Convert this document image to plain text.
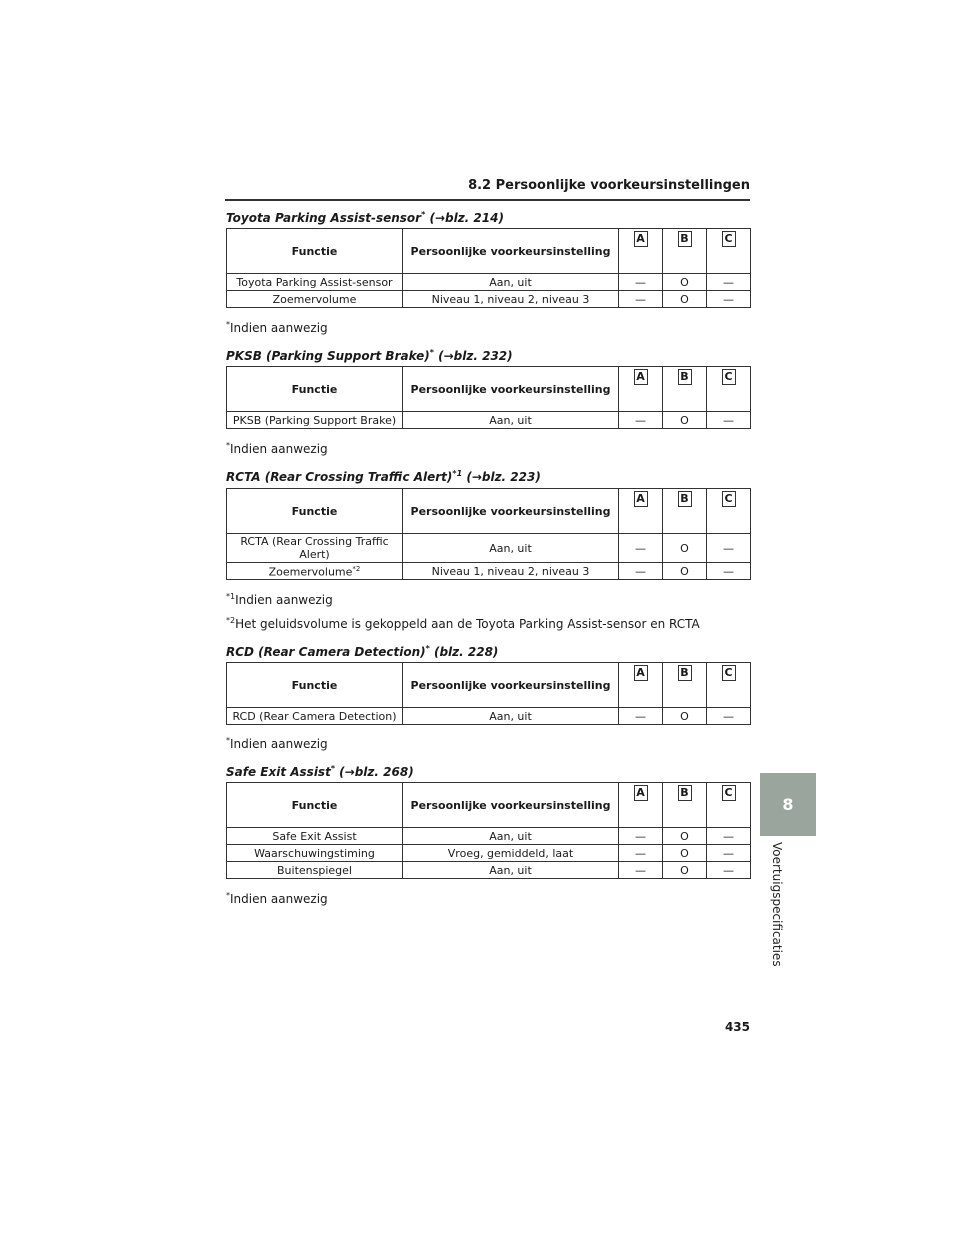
8.2 Persoonlijke voorkeursinstellingen
Toyota Parking Assist-sensor* (→blz. 214)
Functie	Persoonlijke voorkeursinstelling	A	B	C
Toyota Parking Assist-sensor	Aan, uit	—	O	—
Zoemervolume	Niveau 1, niveau 2, niveau 3	—	O	—
*Indien aanwezig
PKSB (Parking Support Brake)* (→blz. 232)
Functie	Persoonlijke voorkeursinstelling	A	B	C
PKSB (Parking Support Brake)	Aan, uit	—	O	—
*Indien aanwezig
RCTA (Rear Crossing Traffic Alert)$^{*1}$ (→blz. 223)
Functie	Persoonlijke voorkeursinstelling	A	B	C
RCTA (Rear Crossing Traffic Alert)	Aan, uit	—	O	—
Zoemervolume$^{*2}$	Niveau 1, niveau 2, niveau 3	—	O	—
$^{*1}$Indien aanwezig
$^{*2}$Het geluidsvolume is gekoppeld aan de Toyota Parking Assist-sensor en RCTA
RCD (Rear Camera Detection)* (blz. 228)
Functie	Persoonlijke voorkeursinstelling	A	B	C
RCD (Rear Camera Detection)	Aan, uit	—	O	—
*Indien aanwezig
Safe Exit Assist* (→blz. 268)
Functie	Persoonlijke voorkeursinstelling	A	B	C
Safe Exit Assist	Aan, uit	—	O	—
Waarschuwingstiming	Vroeg, gemiddeld, laat	—	O	—
Buitenspiegel	Aan, uit	—	O	—
*Indien aanwezig
8
Voertuigspecificaties
435
